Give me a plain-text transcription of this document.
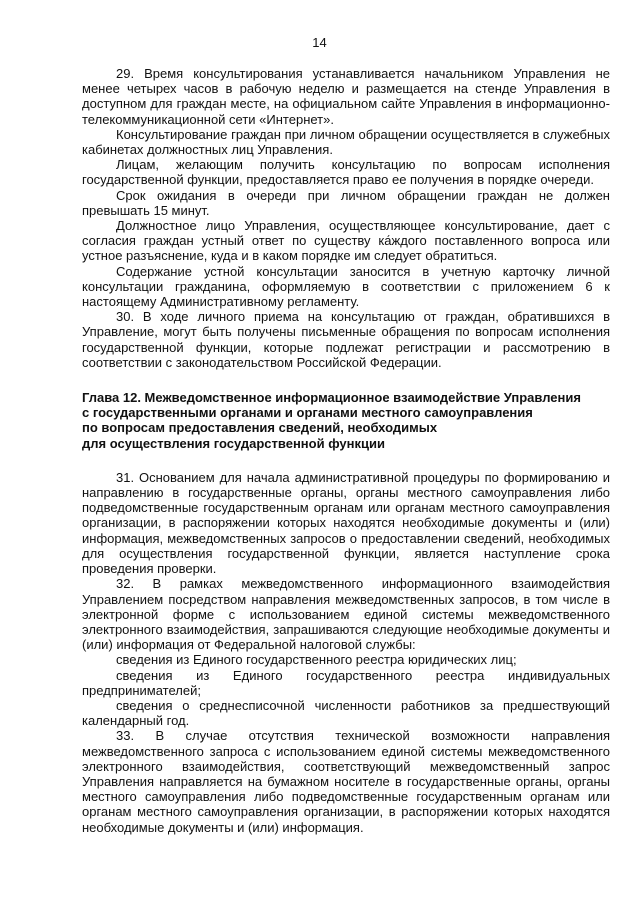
14

29. Время консультирования устанавливается начальником Управления не менее четырех часов в рабочую неделю и размещается на стенде Управления в доступном для граждан месте, на официальном сайте Управления в информационно-телекоммуникационной сети «Интернет».

Консультирование граждан при личном обращении осуществляется в служебных кабинетах должностных лиц Управления.

Лицам, желающим получить консультацию по вопросам исполнения государственной функции, предоставляется право ее получения в порядке очереди.

Срок ожидания в очереди при личном обращении граждан не должен превышать 15 минут.

Должностное лицо Управления, осуществляющее консультирование, дает с согласия граждан устный ответ по существу ка́ждого поставленного вопроса или устное разъяснение, куда и в каком порядке им следует обратиться.

Содержание устной консультации заносится в учетную карточку личной консультации гражданина, оформляемую в соответствии с приложением 6 к настоящему Административному регламенту.

30. В ходе личного приема на консультацию от граждан, обратившихся в Управление, могут быть получены письменные обращения по вопросам исполнения государственной функции, которые подлежат регистрации и рассмотрению в соответствии с законодательством Российской Федерации.

Глава 12. Межведомственное информационное взаимодействие Управления
с государственными органами и органами местного самоуправления
по вопросам предоставления сведений, необходимых
для осуществления государственной функции

31. Основанием для начала административной процедуры по формированию и направлению в государственные органы, органы местного самоуправления либо подведомственные государственным органам или органам местного самоуправления организации, в распоряжении которых находятся необходимые документы и (или) информация, межведомственных запросов о предоставлении сведений, необходимых для осуществления государственной функции, является наступление срока проведения проверки.

32. В рамках межведомственного информационного взаимодействия Управлением посредством направления межведомственных запросов, в том числе в электронной форме с использованием единой системы межведомственного электронного взаимодействия, запрашиваются следующие необходимые документы и (или) информация от Федеральной налоговой службы:

сведения из Единого государственного реестра юридических лиц;

сведения из Единого государственного реестра индивидуальных предпринимателей;

сведения о среднесписочной численности работников за предшествующий календарный год.

33. В случае отсутствия технической возможности направления межведомственного запроса с использованием единой системы межведомственного электронного взаимодействия, соответствующий межведомственный запрос Управления направляется на бумажном носителе в государственные органы, органы местного самоуправления либо подведомственные государственным органам или органам местного самоуправления организации, в распоряжении которых находятся необходимые документы и (или) информация.
